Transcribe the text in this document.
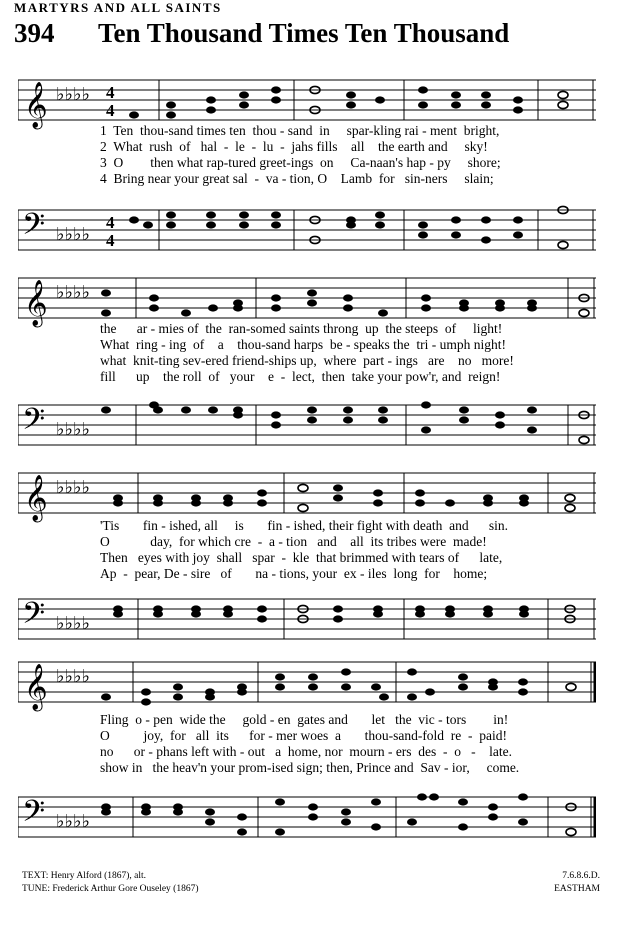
MARTYRS AND ALL SAINTS
394 Ten Thousand Times Ten Thousand
𝄞 ♭♭♭♭ 4
4
1  Ten  thou-sand times ten  thou - sand  in     spar-kling rai - ment  bright,
2  What  rush  of   hal  -  le  -  lu  -  jahs fills    all    the earth and     sky!
3  O        then what rap-tured greet-ings  on     Ca-naan's hap - py     shore;
4  Bring near your great sal  -  va - tion, O    Lamb  for   sin-ners     slain;
𝄢 ♭♭♭♭
4
4
𝄞 ♭♭♭♭
the      ar - mies of  the  ran-somed saints throng  up  the steeps  of     light!
What  ring - ing  of    a    thou-sand harps  be - speaks the  tri - umph night!
what  knit-ting sev-ered friend-ships up,  where  part - ings   are    no   more!
fill      up    the roll  of   your    e  -  lect,  then  take your pow'r, and  reign!
𝄢 ♭♭♭♭
𝄞 ♭♭♭♭
'Tis       fin - ished, all     is       fin - ished, their fight with death  and      sin.
O            day,  for which cre  -  a - tion   and    all  its tribes were  made!
Then   eyes with joy  shall   spar  -  kle  that brimmed with tears of      late,
Ap  -  pear, De - sire   of       na - tions, your  ex - iles  long  for    home;
𝄢 ♭♭♭♭
𝄞 ♭♭♭♭
Fling  o - pen  wide the     gold - en  gates and       let   the  vic - tors        in!
O          joy,  for   all  its      for - mer woes  a       thou-sand-fold  re  -  paid!
no      or - phans left with - out   a  home, nor  mourn - ers  des  -  o   -    late.
show in   the heav'n your prom-ised sign; then, Prince and  Sav - ior,     come.
𝄢 ♭♭♭♭
TEXT: Henry Alford (1867), alt.
TUNE: Frederick Arthur Gore Ouseley (1867)
7.6.8.6.D.
EASTHAM
